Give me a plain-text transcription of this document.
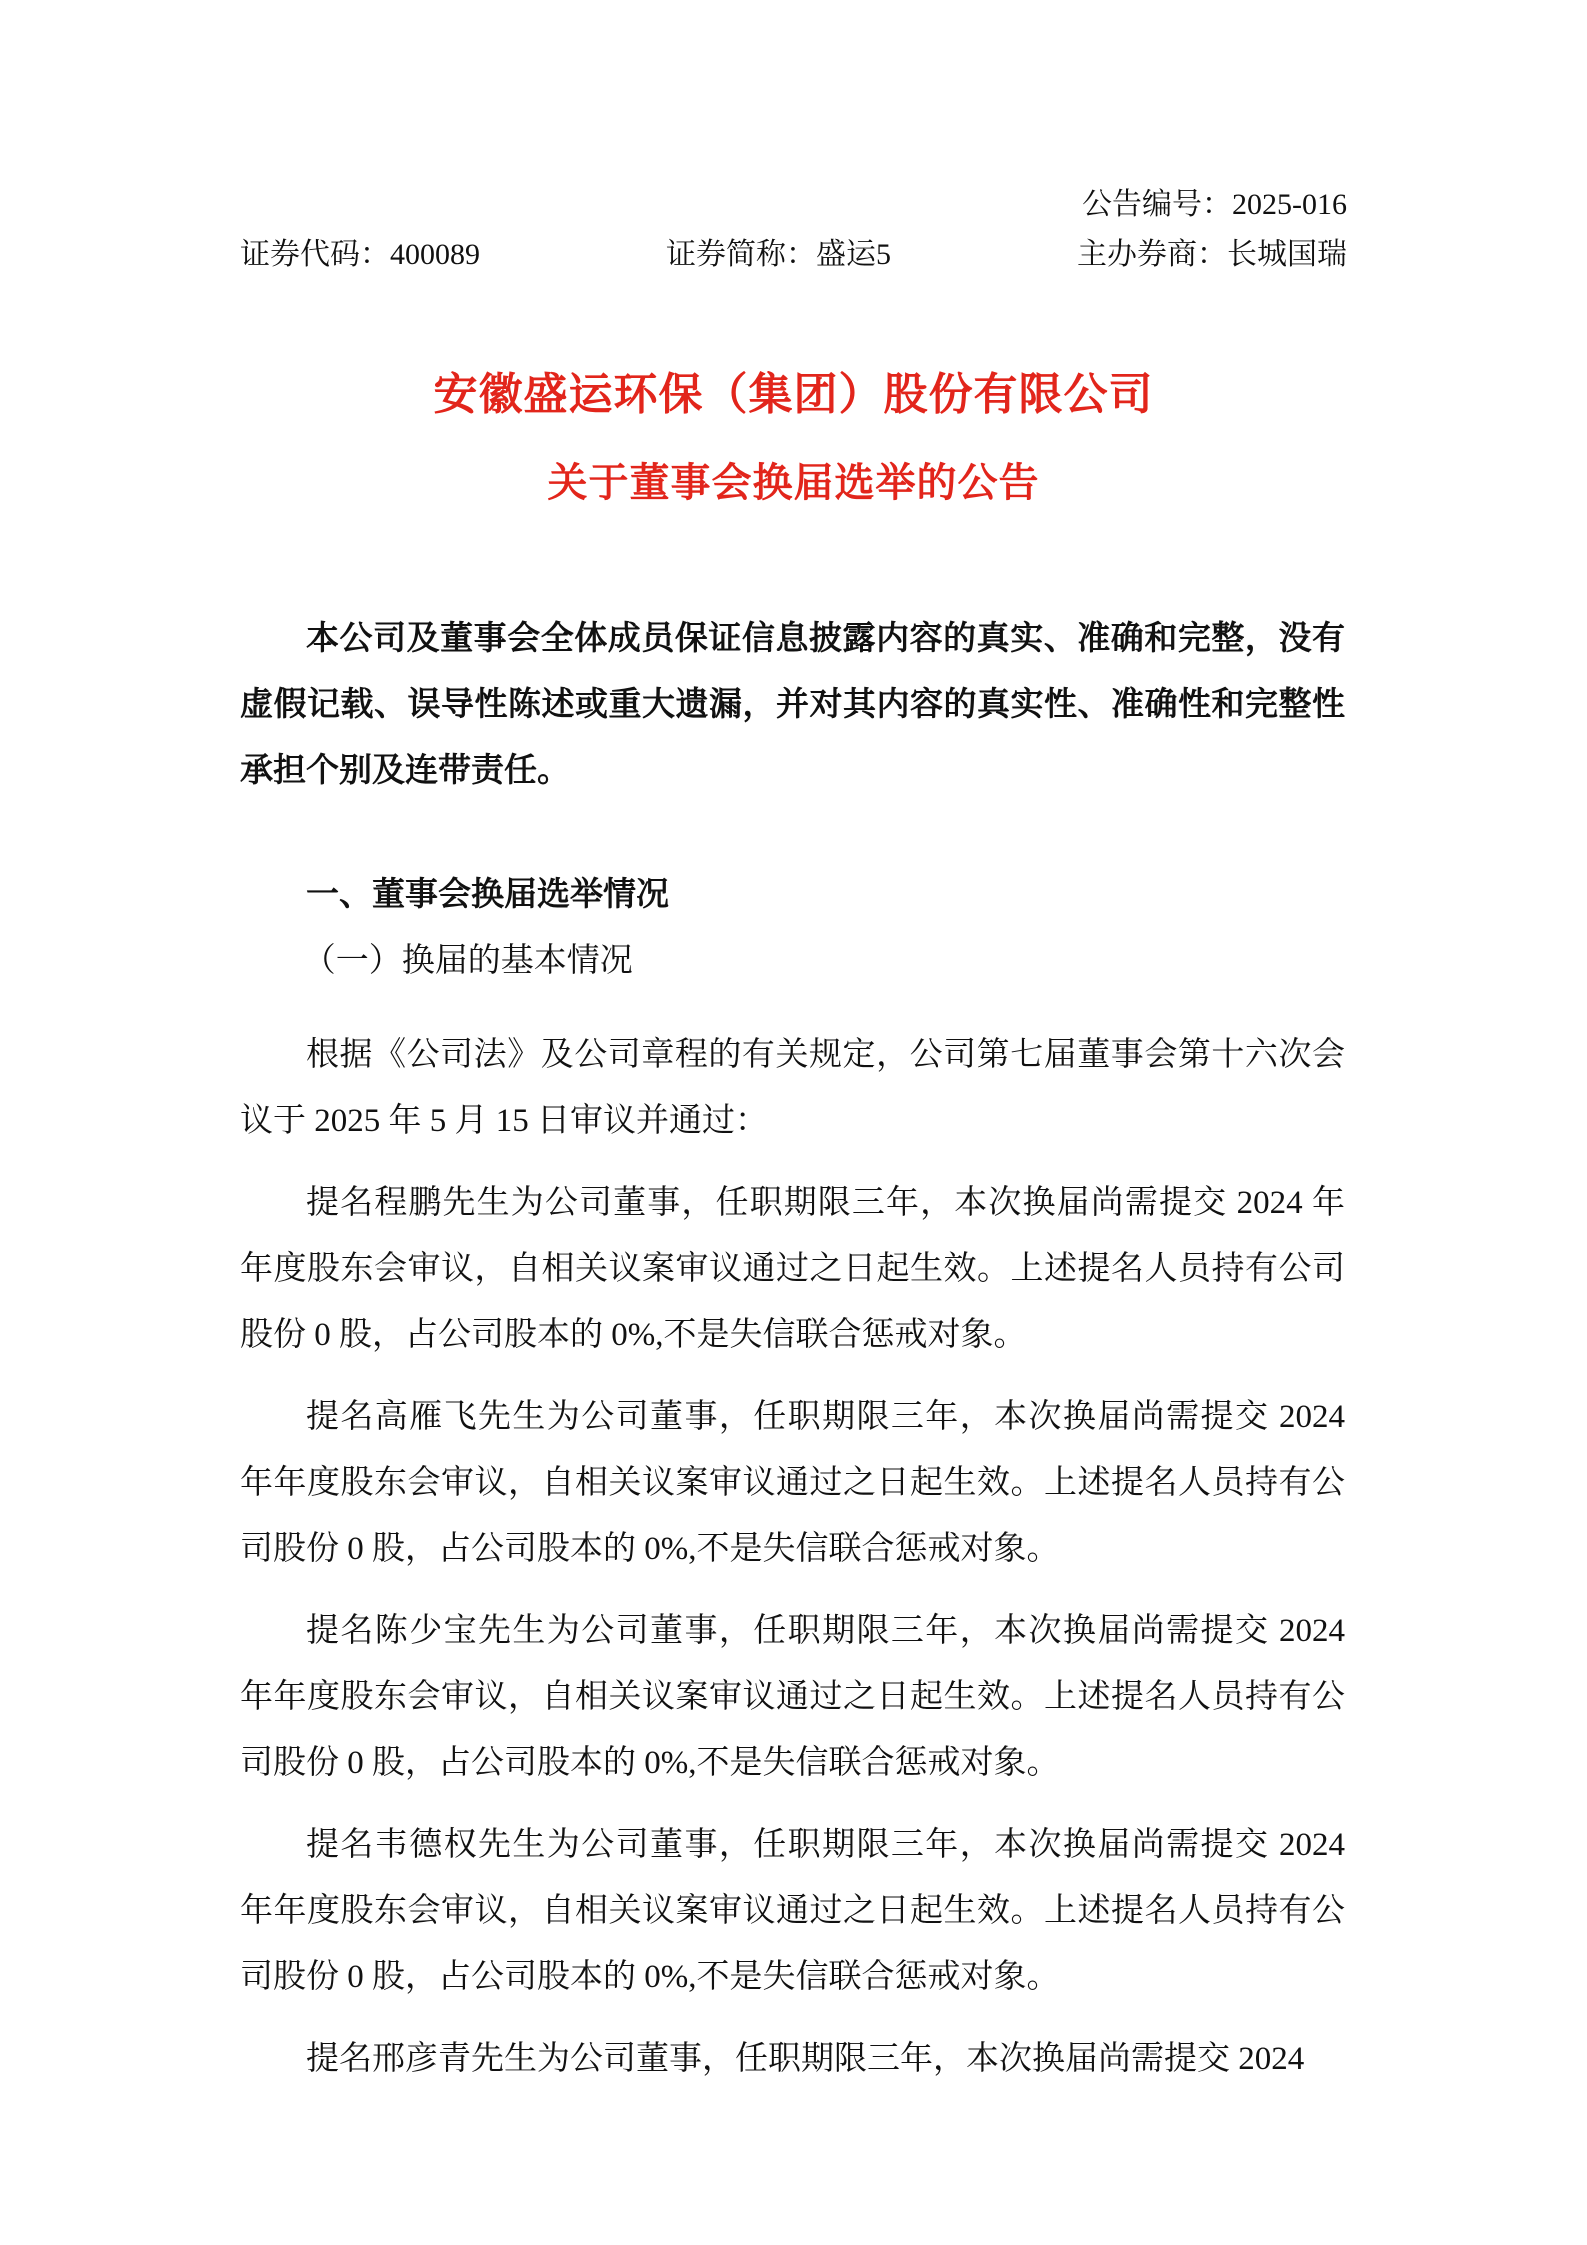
公告编号：2025-016
证券代码：400089	证券简称：盛运5	主办券商：长城国瑞
安徽盛运环保（集团）股份有限公司
关于董事会换届选举的公告

本公司及董事会全体成员保证信息披露内容的真实、准确和完整，没有虚假记载、误导性陈述或重大遗漏，并对其内容的真实性、准确性和完整性承担个别及连带责任。

一、董事会换届选举情况

（一）换届的基本情况

根据《公司法》及公司章程的有关规定，公司第七届董事会第十六次会议于 2025 年 5 月 15 日审议并通过：

提名程鹏先生为公司董事，任职期限三年，本次换届尚需提交 2024 年年度股东会审议，自相关议案审议通过之日起生效。上述提名人员持有公司股份 0 股，占公司股本的 0%,不是失信联合惩戒对象。

提名高雁飞先生为公司董事，任职期限三年，本次换届尚需提交 2024 年年度股东会审议，自相关议案审议通过之日起生效。上述提名人员持有公司股份 0 股，占公司股本的 0%,不是失信联合惩戒对象。

提名陈少宝先生为公司董事，任职期限三年，本次换届尚需提交 2024 年年度股东会审议，自相关议案审议通过之日起生效。上述提名人员持有公司股份 0 股，占公司股本的 0%,不是失信联合惩戒对象。

提名韦德权先生为公司董事，任职期限三年，本次换届尚需提交 2024 年年度股东会审议，自相关议案审议通过之日起生效。上述提名人员持有公司股份 0 股，占公司股本的 0%,不是失信联合惩戒对象。

提名邢彦青先生为公司董事，任职期限三年，本次换届尚需提交 2024
